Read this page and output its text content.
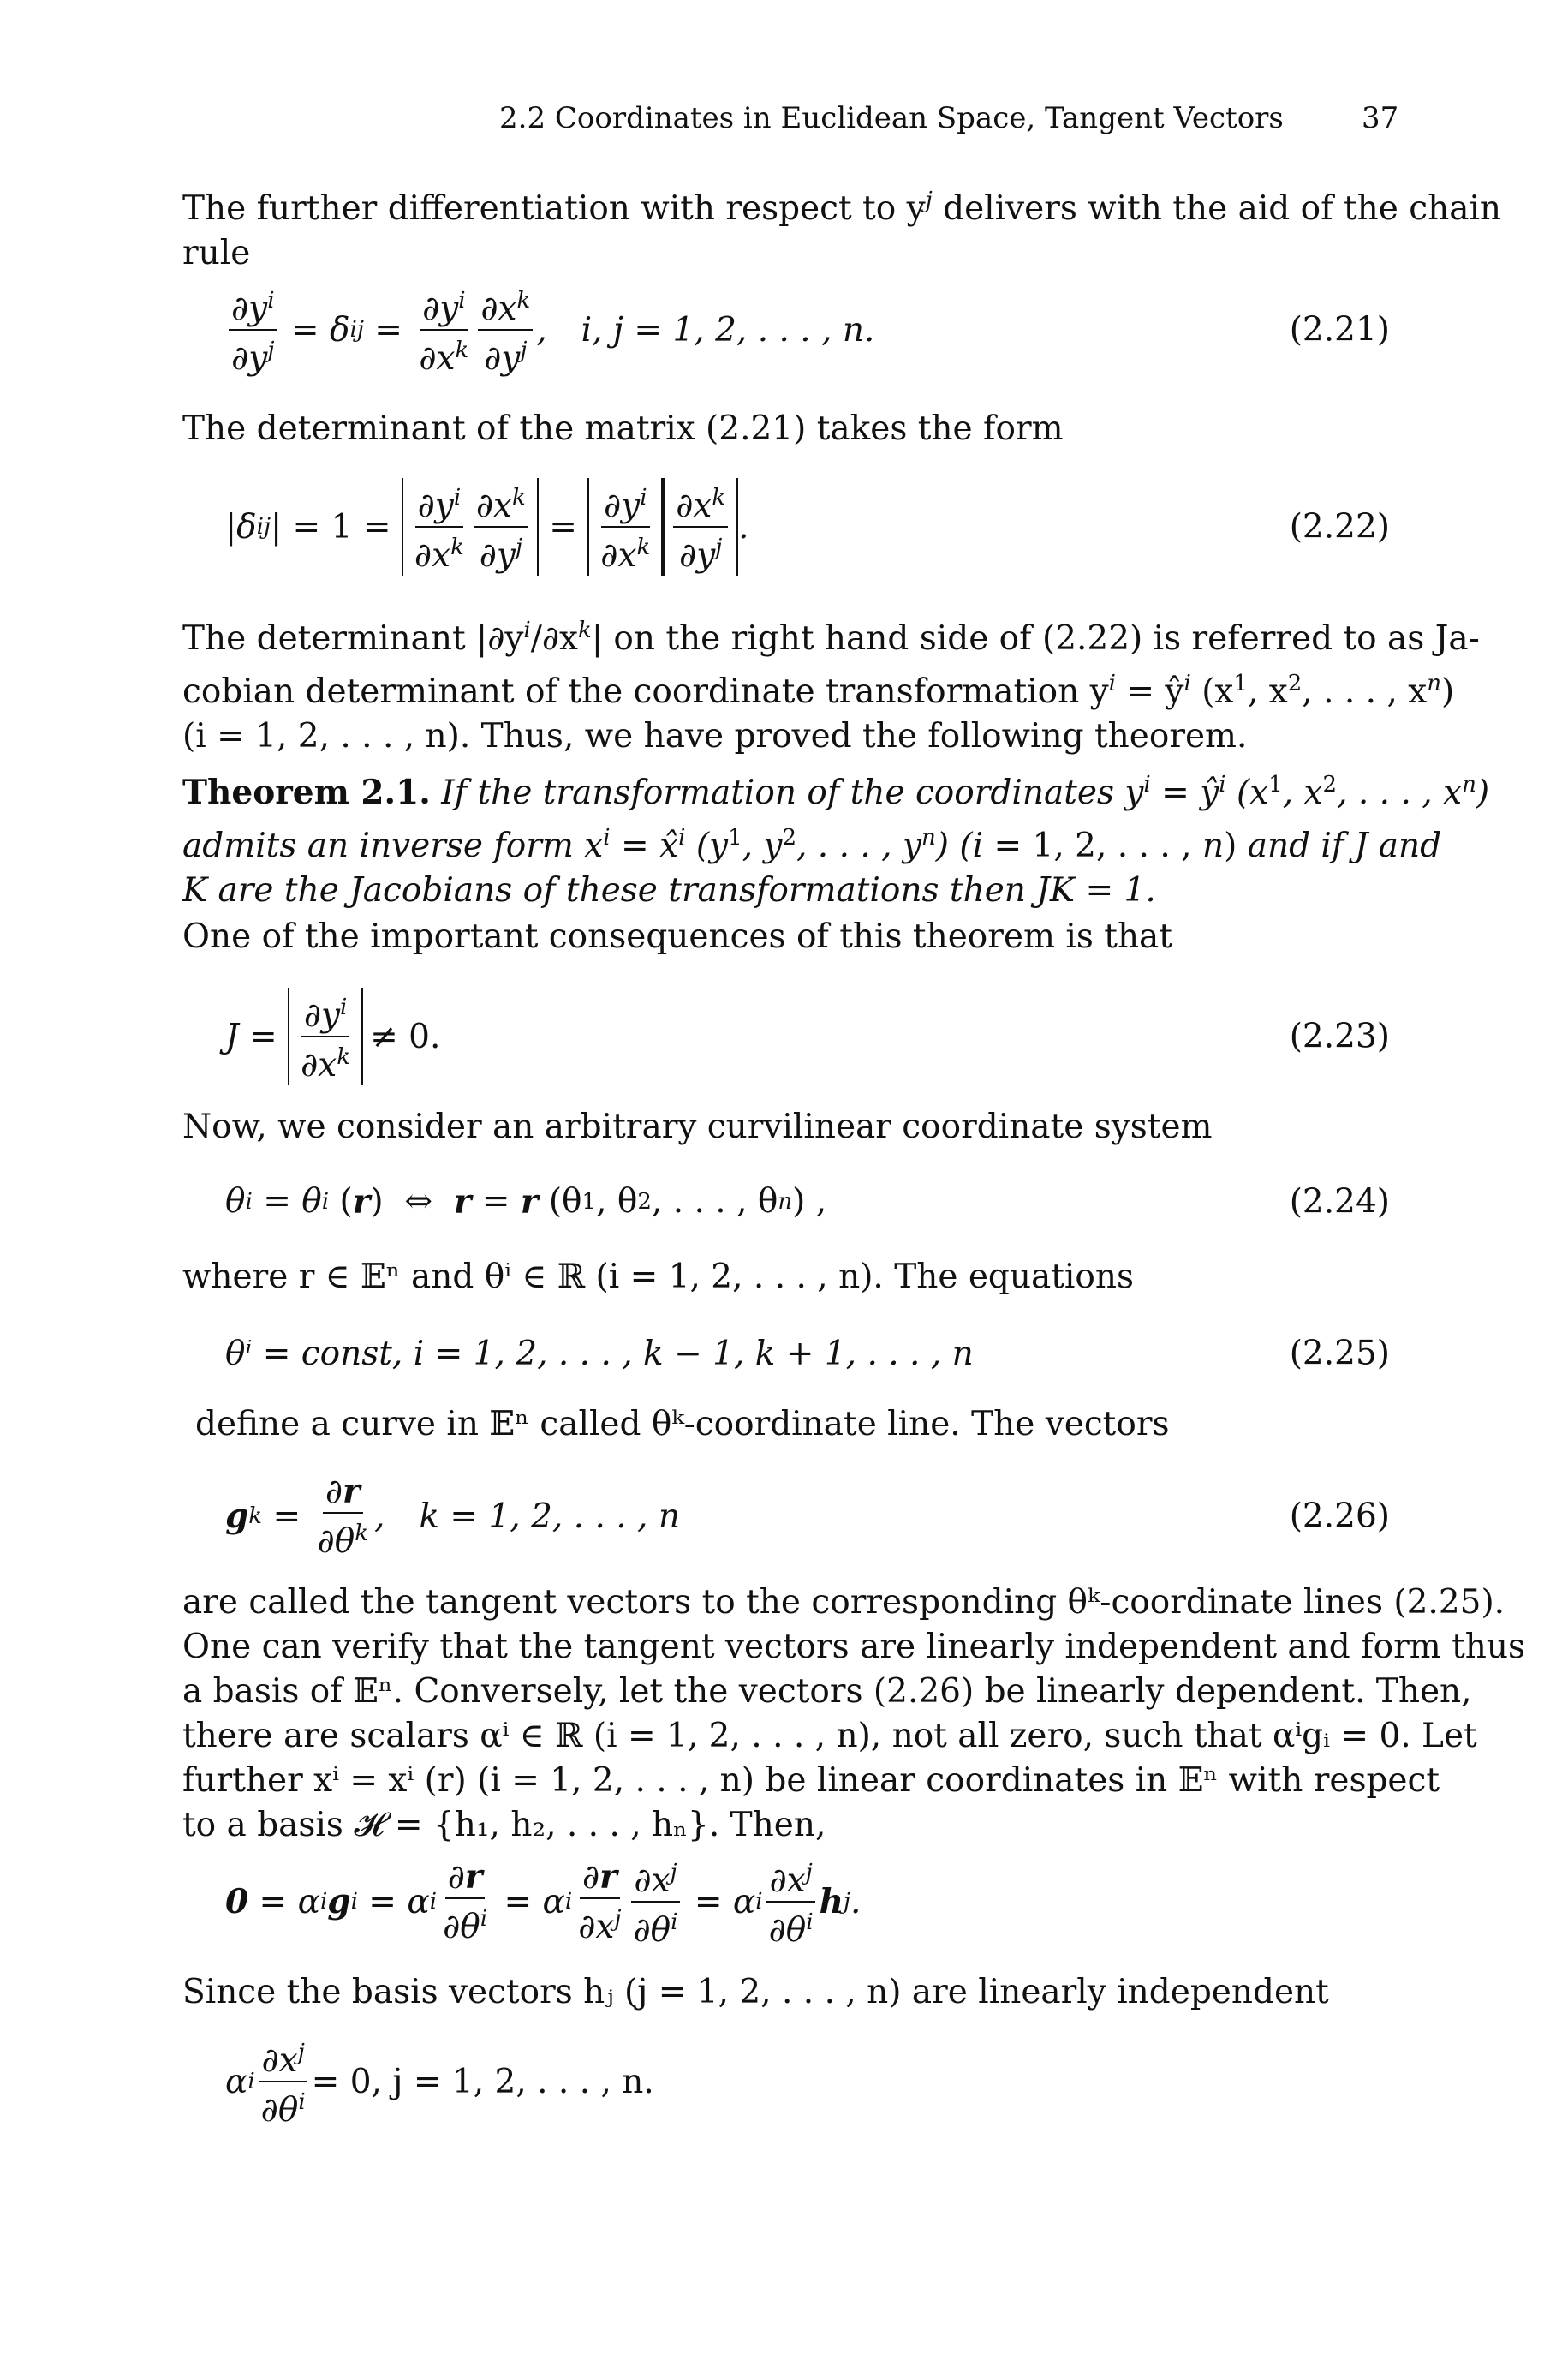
2.2 Coordinates in Euclidean Space, Tangent Vectors	37
The further differentiation with respect to $y^j$ delivers with the aid of the chain
rule
$\frac{\partial y^i}{\partial y^j} = \delta$ ij = $\frac{\partial y^i}{\partial x^k} \frac{\partial x^k}{\partial y^j}$ , i, j = 1, 2, . . . , n.	(2.21)
The determinant of the matrix (2.21) takes the form
|δ ij | = $1 = \frac{\partial y^i}{\partial x^k} \frac{\partial x^k}{\partial y^j} = \frac{\partial y^i}{\partial x^k} \frac{\partial x^k}{\partial y^j}$ .	(2.22)
The determinant $|\partial y^i/\partial x^k|$ on the right hand side of (2.22) is referred to as Ja-
cobian determinant of the coordinate transformation $y^i$ = $ŷ^i$ ($x^1$, $x^2$, . . . , $x^n$)
(i = 1, 2, . . . , n). Thus, we have proved the following theorem.
Theorem 2.1. If the transformation of the coordinates $y^i$ = $ŷ^i$ ($x^1$, $x^2$, . . . , $x^n$)
admits an inverse form $x^i$ = x̂$^i$ ($y^1$, $y^2$, . . . , $y^n$) (i = 1, 2, . . . , n) and if J and
K are the Jacobians of these transformations then JK = 1.
One of the important consequences of this theorem is that
$J = \frac{\partial y^i}{\partial x^k} \ne 0$.	(2.23)
Now, we consider an arbitrary curvilinear coordinate system
θ i
= θ i
( r )
⇔
r
=
r
(θ 1 , θ 2 , . . . , θ n ) ,	(2.24)
where r ∈ 𝔼ⁿ and θⁱ ∈ ℝ (i = 1, 2, . . . , n). The equations
θⁱ = const, i = 1, 2, . . . , k − 1, k + 1, . . . , n	(2.25)
define a curve in 𝔼ⁿ called θᵏ-coordinate line. The vectors
g $k = \frac{\partial r}{\partial\theta^k}$ , k = 1, 2, . . . , n	(2.26)
are called the tangent vectors to the corresponding θᵏ-coordinate lines (2.25).
One can verify that the tangent vectors are linearly independent and form thus
a basis of 𝔼ⁿ. Conversely, let the vectors (2.26) be linearly dependent. Then,
there are scalars αⁱ ∈ ℝ (i = 1, 2, . . . , n), not all zero, such that αⁱgᵢ = 0. Let
further xⁱ = xⁱ (r) (i = 1, 2, . . . , n) be linear coordinates in 𝔼ⁿ with respect
to a basis 𝓗 = {h₁, h₂, . . . , hₙ}. Then,
0 = α i g i = α i $\frac{\partial r}{\partial\theta^i} = \alpha$ i $\frac{\partial r}{\partial x^j} \frac{\partial x^j}{\partial\theta^i} = \alpha$ i $\frac{\partial x^j}{\partial\theta^i}$ h j .
Since the basis vectors hⱼ (j = 1, 2, . . . , n) are linearly independent
α i $\frac{\partial x^j}{\partial\theta^i} = 0$, j = 1, 2, . . . , n.
